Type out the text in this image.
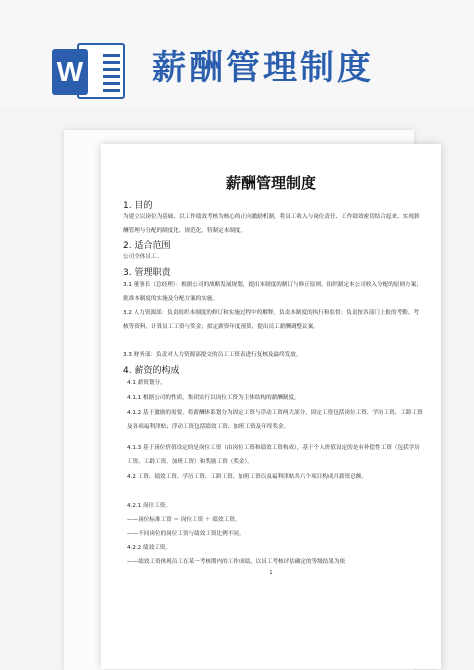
W 薪酬管理制度
薪酬管理制度
1. 目的
为建立以岗位为基础、以工作绩效考核为核心的正向激励机制，将员工收入与岗位责任、工作绩效密切结合起来，实现薪酬管理与分配的制度化、规范化，特制定本制度。
2. 适合范围
公司全体员工。
3. 管理职责
3.1 董事长（总经理）：根据公司的战略发展规划，提出本制度的制订与修正原则，组织制定本公司收入分配的原则方案；批准本制度的实施及分配方案的实施。
3.2 人力资源部：负责组织本制度的修订和实施过程中的解释。负责本制度的执行和监督；负责按各部门上报的考勤、考核等资料，计算员工工资与奖金；拟定薪资年度预算，提出员工薪酬调整议案。
3.3 财务部：负责对人力资源部提交的员工工资表进行复核及最终发放。
4. 薪资的构成
4.1 薪资划分。
4.1.1 根据公司的性质，集团实行以岗位工资为主体结构的薪酬制度。
4.1.2 基于激励的需要，将薪酬体系划分为固定工资与浮动工资两大部分。固定工资包括岗位工资、学历工资、工龄工资及各项福利津贴；浮动工资包括绩效工资、加班工资及年终奖金。
4.1.3 基于岗位价值设定的是岗位工资（由岗位工资和绩效工资构成），基于个人价值设定的是有补偿性工资（包括学历工资、工龄工资、加班工资）和奖励工资（奖金）。
4.2 工资、绩效工资、学历工资、工龄工资、加班工资以及福利津贴共六个项目构成月薪资总额。
4.2.1 岗位工资。
——岗位标准工资 ＝ 岗位工资 ＋ 绩效工资。
——不同岗位的岗位工资与绩效工资比例不同。
4.2.2 绩效工资。
——绩效工资体现员工在某一考核期内的工作成绩，以员工考核评估确定的等级结果为依
1
